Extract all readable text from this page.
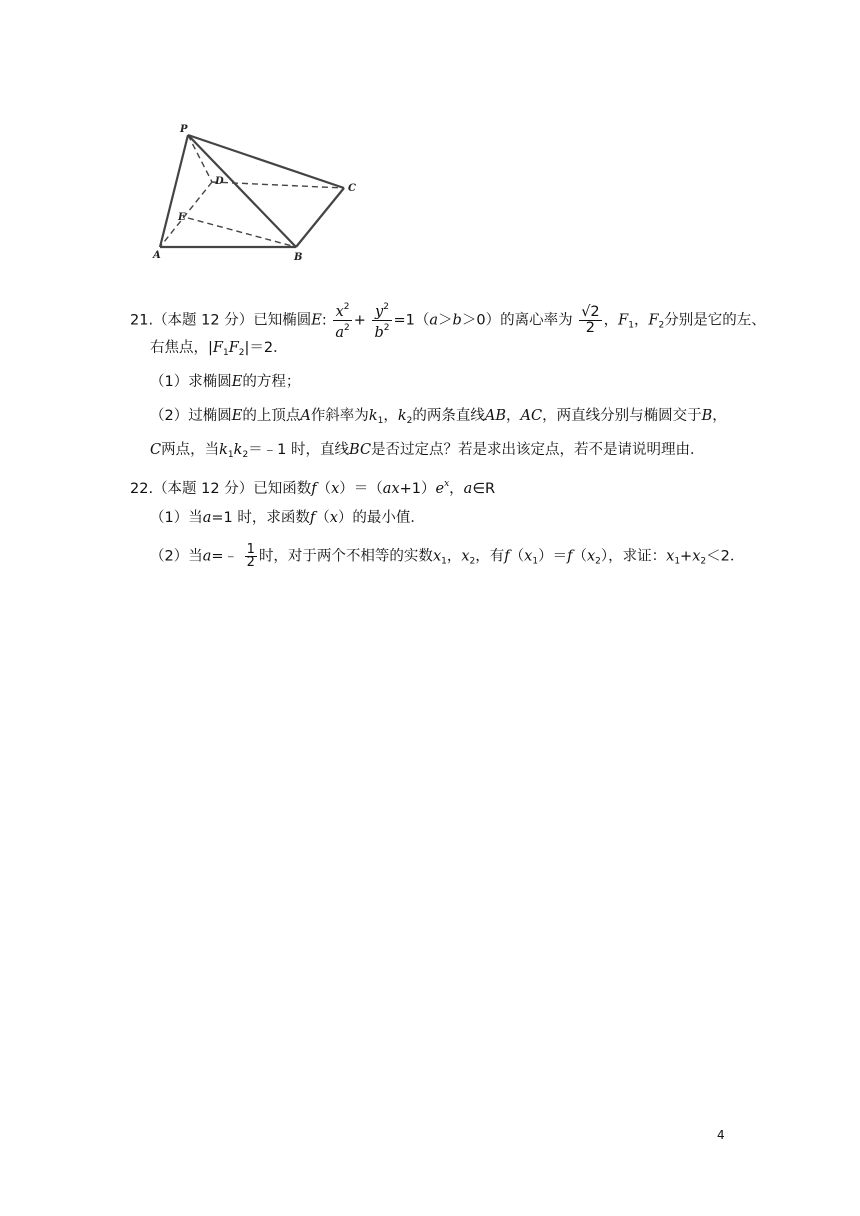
P
D
C
E
A	B
21.（本题 12 分）已知椭圆E: $\frac{x^2}{a^2} + \frac{y^2}{b^2} =1(a>b>0)$的离心率为 $\frac{√2}{2}$ ，$F_1$，$F_2$分别是它的左、
右焦点，$|F_1F_2|=2$．
（1）求椭圆E的方程；
（2）过椭圆E的上顶点A作斜率为$k_1$，$k_2$的两条直线AB，AC，两直线分别与椭圆交于B，
C两点，当$k_1k_2=﹣1$ 时，直线BC是否过定点？若是求出该定点，若不是请说明理由．
22.（本题 12 分）已知函数$f(x)=(ax+1)e^x$，a∈R
（1）当a=1 时，求函数f（x）的最小值．
（2）当a=﹣ $\frac{1}{2}$ 时，对于两个不相等的实数$x_1$，$x_2$，有$f(x_1)=f(x_2)$，求证：$x_1+x_2<2$．
4
